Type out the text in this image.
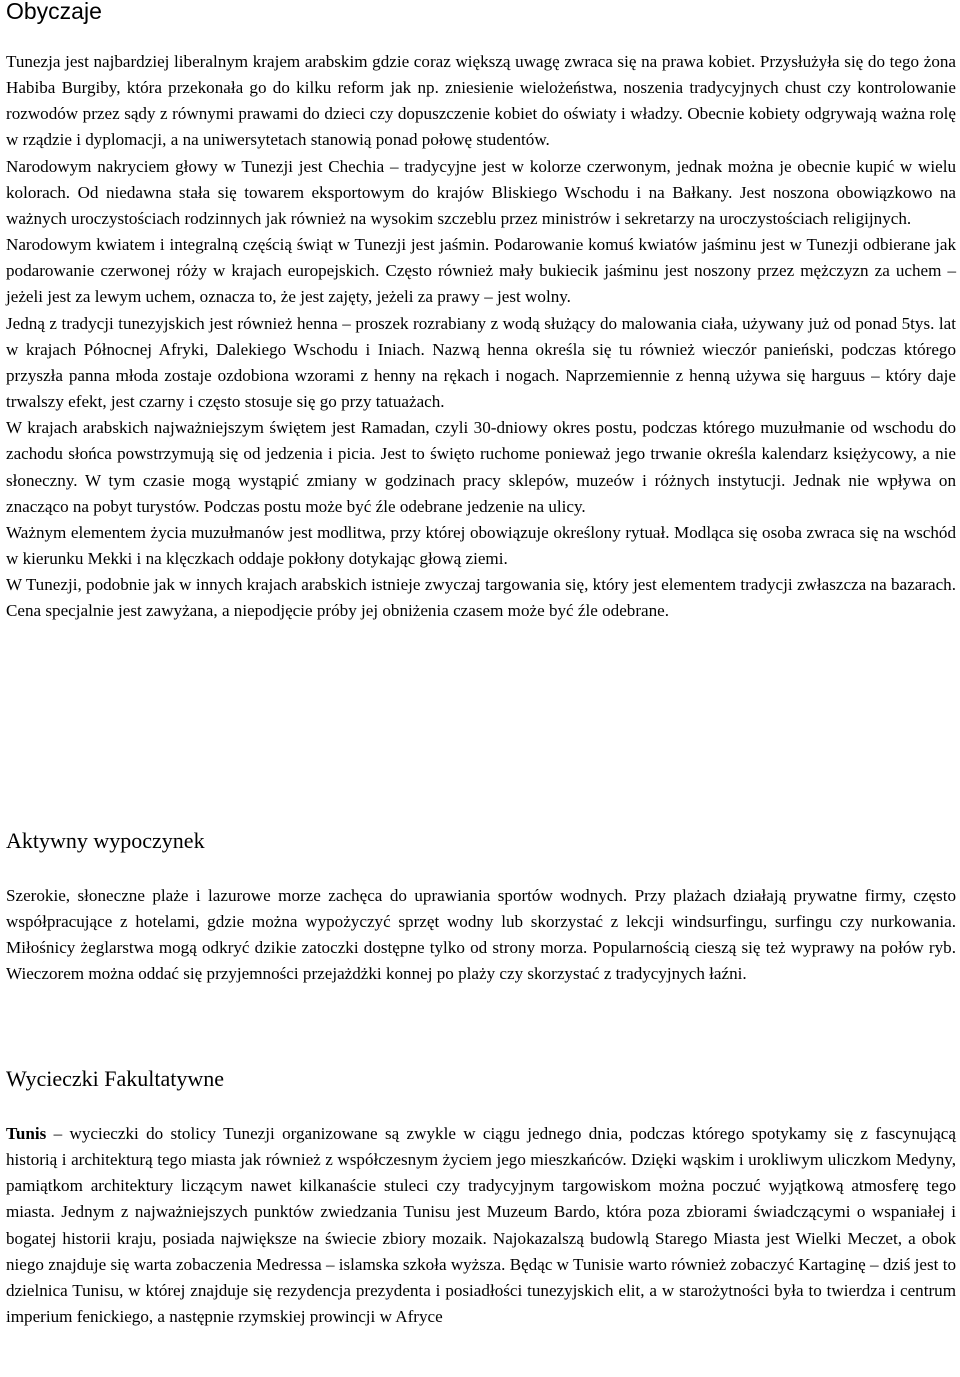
Obyczaje

Tunezja jest najbardziej liberalnym krajem arabskim gdzie coraz większą uwagę zwraca się na prawa kobiet. Przysłużyła się do tego żona Habiba Burgiby, która przekonała go do kilku reform jak np. zniesienie wielożeństwa, noszenia tradycyjnych chust czy kontrolowanie rozwodów przez sądy z równymi prawami do dzieci czy dopuszczenie kobiet do oświaty i władzy. Obecnie kobiety odgrywają ważna rolę w rządzie i dyplomacji, a na uniwersytetach stanowią ponad połowę studentów.

Narodowym nakryciem głowy w Tunezji jest Chechia – tradycyjne jest w kolorze czerwonym, jednak można je obecnie kupić w wielu kolorach. Od niedawna stała się towarem eksportowym do krajów Bliskiego Wschodu i na Bałkany. Jest noszona obowiązkowo na ważnych uroczystościach rodzinnych jak również na wysokim szczeblu przez ministrów i sekretarzy na uroczystościach religijnych.

Narodowym kwiatem i integralną częścią świąt w Tunezji jest jaśmin. Podarowanie komuś kwiatów jaśminu jest w Tunezji odbierane jak podarowanie czerwonej róży w krajach europejskich. Często również mały bukiecik jaśminu jest noszony przez mężczyzn za uchem – jeżeli jest za lewym uchem, oznacza to, że jest zajęty, jeżeli za prawy – jest wolny.

Jedną z tradycji tunezyjskich jest również henna – proszek rozrabiany z wodą służący do malowania ciała, używany już od ponad 5tys. lat w krajach Północnej Afryki, Dalekiego Wschodu i Iniach. Nazwą henna określa się tu również wieczór panieński, podczas którego przyszła panna młoda zostaje ozdobiona wzorami z henny na rękach i nogach. Naprzemiennie z henną używa się harguus – który daje trwalszy efekt, jest czarny i często stosuje się go przy tatuażach.

W krajach arabskich najważniejszym świętem jest Ramadan, czyli 30-dniowy okres postu, podczas którego muzułmanie od wschodu do zachodu słońca powstrzymują się od jedzenia i picia. Jest to święto ruchome ponieważ jego trwanie określa kalendarz księżycowy, a nie słoneczny. W tym czasie mogą wystąpić zmiany w godzinach pracy sklepów, muzeów i różnych instytucji. Jednak nie wpływa on znacząco na pobyt turystów. Podczas postu może być źle odebrane jedzenie na ulicy.

Ważnym elementem życia muzułmanów jest modlitwa, przy której obowiązuje określony rytuał. Modląca się osoba zwraca się na wschód w kierunku Mekki i na klęczkach oddaje pokłony dotykając głową ziemi.

W Tunezji, podobnie jak w innych krajach arabskich istnieje zwyczaj targowania się, który jest elementem tradycji zwłaszcza na bazarach. Cena specjalnie jest zawyżana, a niepodjęcie próby jej obniżenia czasem może być źle odebrane.

Aktywny wypoczynek

Szerokie, słoneczne plaże i lazurowe morze zachęca do uprawiania sportów wodnych. Przy plażach działają prywatne firmy, często współpracujące z hotelami, gdzie można wypożyczyć sprzęt wodny lub skorzystać z lekcji windsurfingu, surfingu czy nurkowania. Miłośnicy żeglarstwa mogą odkryć dzikie zatoczki dostępne tylko od strony morza. Popularnością cieszą się też wyprawy na połów ryb. Wieczorem można oddać się przyjemności przejażdżki konnej po plaży czy skorzystać z tradycyjnych łaźni.

Wycieczki Fakultatywne

Tunis – wycieczki do stolicy Tunezji organizowane są zwykle w ciągu jednego dnia, podczas którego spotykamy się z fascynującą historią i architekturą tego miasta jak również z współczesnym życiem jego mieszkańców. Dzięki wąskim i urokliwym uliczkom Medyny, pamiątkom architektury liczącym nawet kilkanaście stuleci czy tradycyjnym targowiskom można poczuć wyjątkową atmosferę tego miasta. Jednym z najważniejszych punktów zwiedzania Tunisu jest Muzeum Bardo, która poza zbiorami świadczącymi o wspaniałej i bogatej historii kraju, posiada największe na świecie zbiory mozaik. Najokazalszą budowlą Starego Miasta jest Wielki Meczet, a obok niego znajduje się warta zobaczenia Medressa – islamska szkoła wyższa. Będąc w Tunisie warto również zobaczyć Kartaginę – dziś jest to dzielnica Tunisu, w której znajduje się rezydencja prezydenta i posiadłości tunezyjskich elit, a w starożytności była to twierdza i centrum imperium fenickiego, a następnie rzymskiej prowincji w Afryce
